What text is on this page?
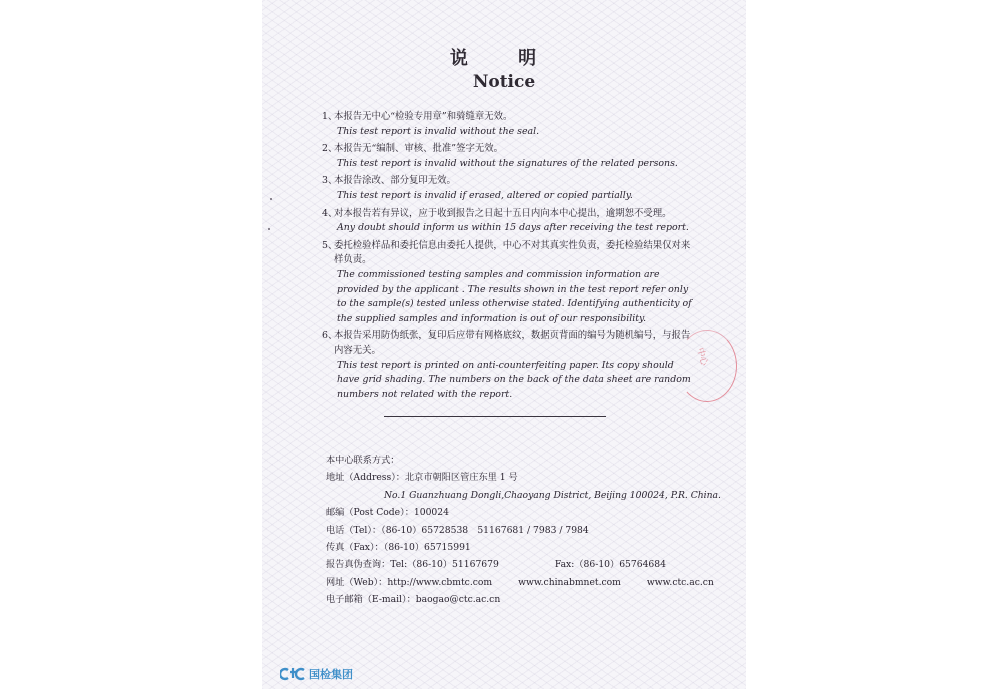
说 明
Notice
1、
本报告无中心“检验专用章”和骑缝章无效。
This test report is invalid without the seal.
2、
本报告无“编制、审核、批准”签字无效。
This test report is invalid without the signatures of the related persons.
3、
本报告涂改、部分复印无效。
This test report is invalid if erased, altered or copied partially.
4、
对本报告若有异议，应于收到报告之日起十五日内向本中心提出，逾期恕不受理。
Any doubt should inform us within 15 days after receiving the test report.
5、
委托检验样品和委托信息由委托人提供，中心不对其真实性负责，委托检验结果仅对来样负责。
The commissioned testing samples and commission information are provided by the applicant . The results shown in the test report refer only to the sample(s) tested unless otherwise stated. Identifying authenticity of the supplied samples and information is out of our responsibility.
6、
本报告采用防伪纸张，复印后应带有网格底纹，数据页背面的编号为随机编号，与报告内容无关。
This test report is printed on anti-counterfeiting paper. Its copy should have grid shading. The numbers on the back of the data sheet are random numbers not related with the report.
中心
本中心联系方式：
地址（Address）：北京市朝阳区管庄东里 1 号
No.1 Guanzhuang Dongli,Chaoyang District, Beijing 100024, P.R. China.
邮编（Post Code）：100024
电话（Tel）：（86-10）65728538　51167681 / 7983 / 7984
传真（Fax）：（86-10）65715991
报告真伪查询：Tel:（86-10）51167679	Fax:（86-10）65764684
网址（Web）：http://www.cbmtc.com	www.chinabmnet.com	www.ctc.ac.cn
电子邮箱（E-mail）：baogao@ctc.ac.cn
国检集团
